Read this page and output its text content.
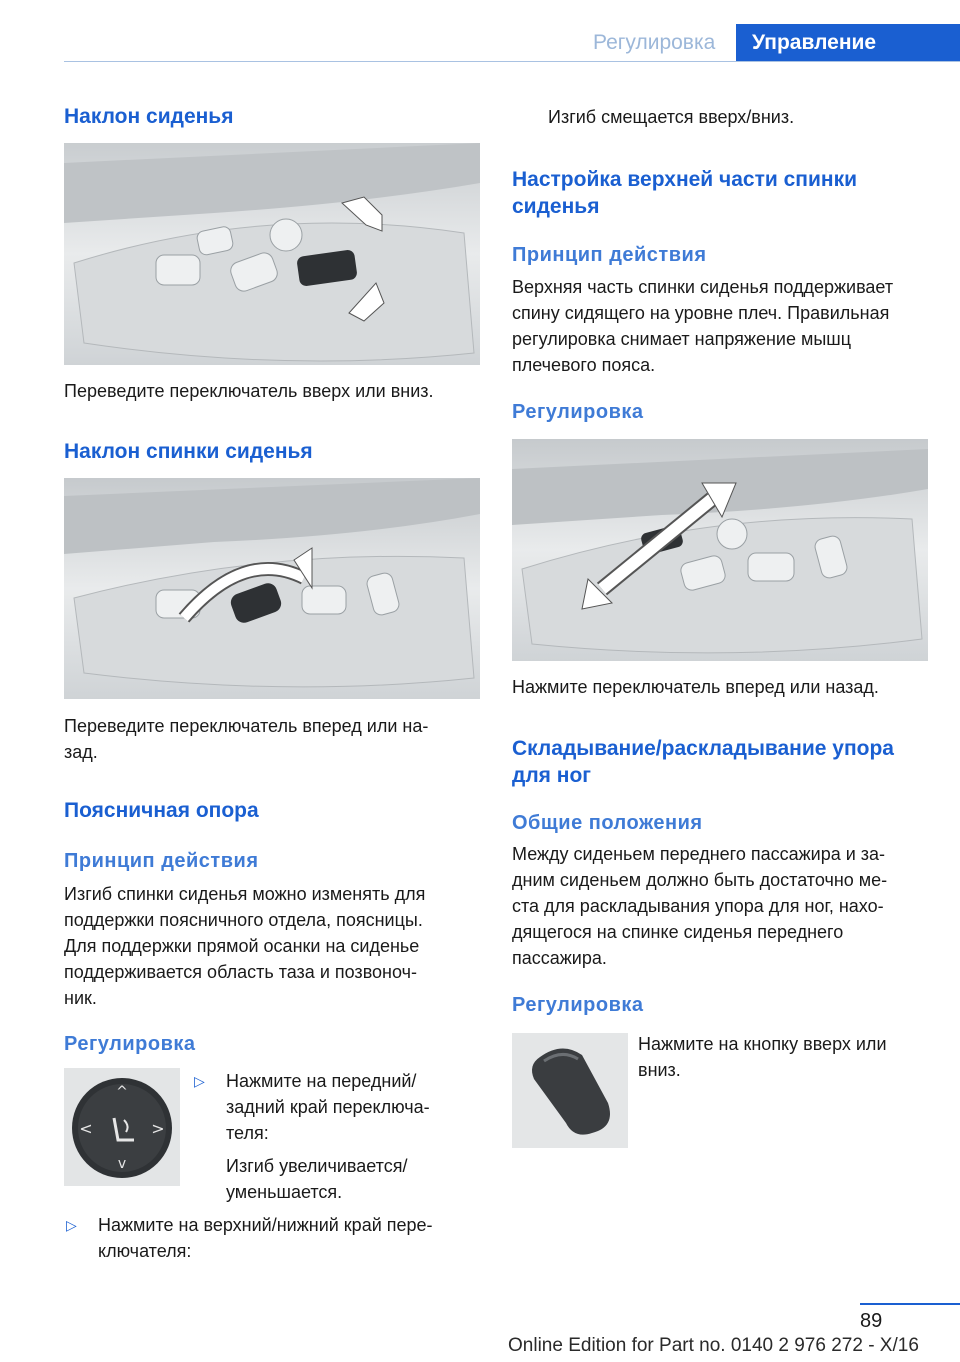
Регулировка	Управление
Наклон сиденья

Переведите переключатель вверх или вниз.

Наклон спинки сиденья

Переведите переключатель вперед или на-

зад.

Поясничная опора
Принцип действия

Изгиб спинки сиденья можно изменять для

поддержки поясничного отдела, поясницы.

Для поддержки прямой осанки на сиденье

поддерживается область таза и позвоноч-

ник.

Регулировка
^
v
<	>
▷ Нажмите на передний/

задний край переключа-

теля:

Изгиб увеличивается/

уменьшается.

▷ Нажмите на верхний/нижний край пере-

ключателя:

Изгиб смещается вверх/вниз.

Настройка верхней части спинки
сиденья
Принцип действия

Верхняя часть спинки сиденья поддерживает

спину сидящего на уровне плеч. Правильная

регулировка снимает напряжение мышц

плечевого пояса.

Регулировка

Нажмите переключатель вперед или назад.

Складывание/раскладывание упора
для ног
Общие положения

Между сиденьем переднего пассажира и за-

дним сиденьем должно быть достаточно ме-

ста для раскладывания упора для ног, нахо-

дящегося на спинке сиденья переднего

пассажира.

Регулировка

Нажмите на кнопку вверх или

вниз.

89
Online Edition for Part no. 0140 2 976 272 - X/16
